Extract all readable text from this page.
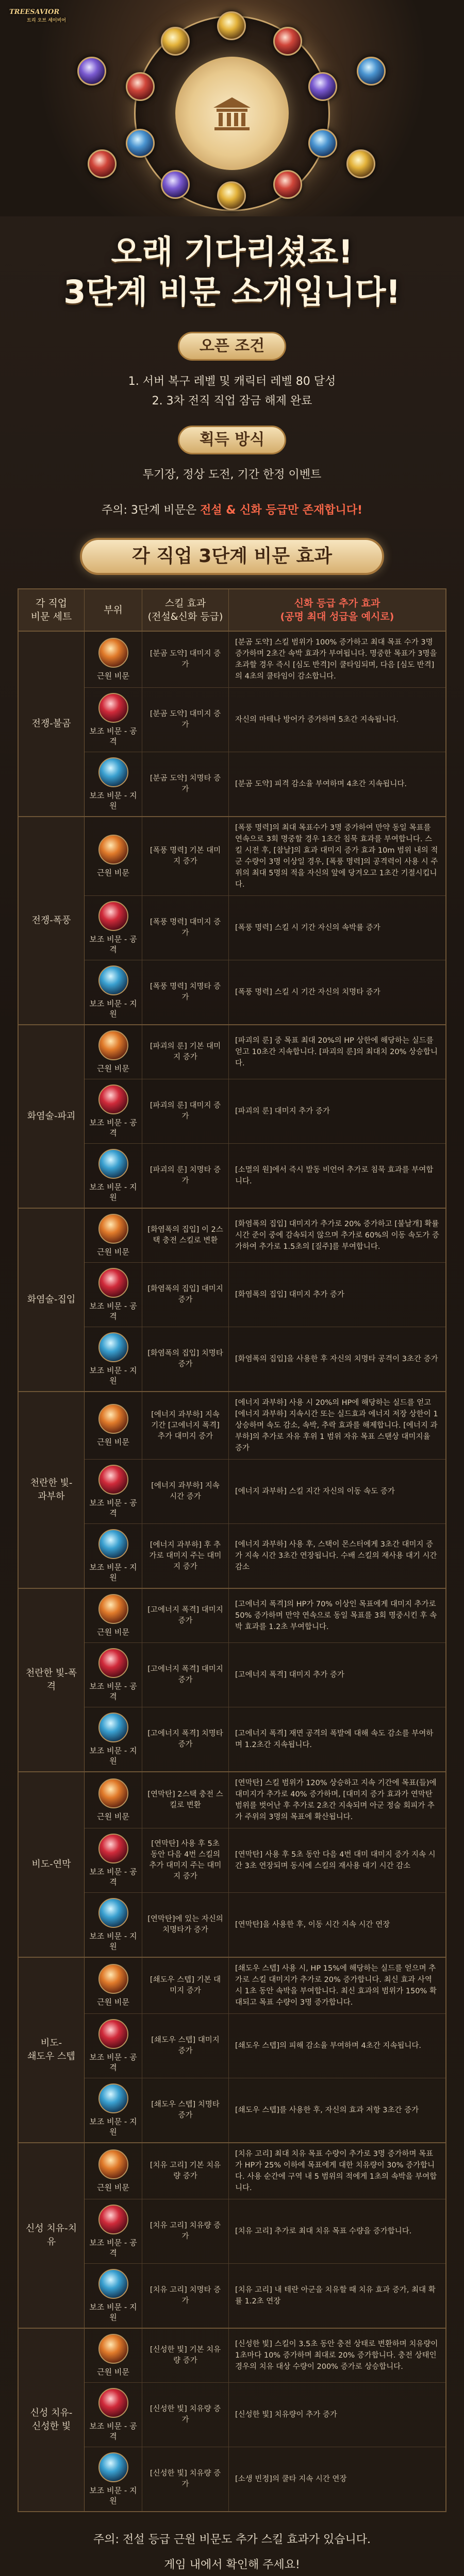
TREESAVIOR
트리 오브 세이비어
오래 기다리셨죠!
3단계 비문 소개입니다!
오픈 조건
1. 서버 복구 레벨 및 캐릭터 레벨 80 달성
2. 3차 전직 직업 잠금 해제 완료
획득 방식
투기장, 정상 도전, 기간 한정 이벤트
주의: 3단계 비문은 전설 & 신화 등급만 존재합니다!
각 직업 3단계 비문 효과
각 직업
비문 세트
부위
스킬 효과
(전설&신화 등급)
신화 등급 추가 효과
(공명 최대 성급을 예시로)
전쟁-불곰
근원 비문
[분곰 도약] 대미지 증가
[분곰 도약] 스킬 범위가 100% 증가하고 최대 목표 수가 3명 증가하며 2초간 속박 효과가 부여됩니다. 명중한 목표가 3명을 초과할 경우 즉시 [심도 반격]이 쿨타임되며, 다음 [심도 반격]의 4초의 쿨타임이 감소합니다.
보조 비문 - 공격
[분곰 도약] 대미지 증가
자신의 마테나 방어가 증가하며 5초간 지속됩니다.
보조 비문 - 지원
[분곰 도약] 치명타 증가
[분곰 도약] 피격 감소율 부여하며 4초간 지속됩니다.
전쟁-폭풍
근원 비문
[폭풍 명력] 기본 대미지 증가
[폭풍 명력]의 최대 목표수가 3명 증가하여 만약 동일 목표를 연속으로 3회 명중할 경우 1초간 침묵 효과를 부여합니다. 스킬 시전 후, [참날]의 효과 대미지 증가 효과 10m 범위 내의 적군 수량이 3명 이상일 경우, [폭풍 명력]의 공격력이 사용 시 주위의 최대 5명의 적을 자신의 앞에 당겨오고 1초간 기절시킵니다.
보조 비문 - 공격
[폭풍 명력] 대미지 증가
[폭풍 명력] 스킬 시 기간 자신의 속박률 증가
보조 비문 - 지원
[폭풍 명력] 치명타 증가
[폭풍 명력] 스킬 시 기간 자신의 치명타 증가
화염술-파괴
근원 비문
[파괴의 룬] 기본 대미지 증가
[파괴의 룬] 중 목표 최대 20%의 HP 상한에 해당하는 실드를 얻고 10초간 지속합니다. [파괴의 룬]의 최대치 20% 상승합니다.
보조 비문 - 공격
[파괴의 룬] 대미지 증가
[파괴의 룬] 대미지 추가 증가
보조 비문 - 지원
[파괴의 룬] 치명타 증가
[소멸의 원]에서 즉시 발동 비언어 추가로 침묵 효과를 부여합니다.
화염술-집입
근원 비문
[화염폭의 집입] 이 2스택 충전 스킬로 변환
[화염폭의 집입] 대미지가 추가로 20% 증가하고 [불날개] 확률 시간 준이 중에 감속되지 않으며 추가로 60%의 이동 속도가 증가하여 추가로 1.5초의 [질주]를 부여합니다.
보조 비문 - 공격
[화염폭의 집입] 대미지 증가
[화염폭의 집입] 대미지 추가 증가
보조 비문 - 지원
[화염폭의 집입] 치명타 증가
[화염폭의 집입]을 사용한 후 자신의 치명타 공격이 3초간 증가
천란한 빛-
과부하
근원 비문
[에너지 과부하] 지속 기간 [고에너지 폭격] 추가 대미지 증가
[에너지 과부하] 사용 시 20%의 HP에 해당하는 실드를 얻고 [에너지 과부하] 지속시간 또는 실드효과 에너지 저장 상한이 1 상승하며 속도 감소, 속박, 추락 효과를 해제합니다. [에너지 과부하]의 추가로 자유 후위 1 범위 자유 목표 스탠상 대미지율 증가
보조 비문 - 공격
[에너지 과부하] 지속 시간 증가
[에너지 과부하] 스킬 지간 자신의 이동 속도 증가
보조 비문 - 지원
[에너지 과부하] 후 추가로 대미지 주는 대미지 증가
[에너지 과부하] 사용 후, 스택이 몬스터에게 3초간 대미지 증가 지속 시간 3초간 연장됩니다. 수배 스킬의 재사용 대기 시간 감소
천란한 빛-폭격
근원 비문
[고에너지 폭격] 대미지 증가
[고에너지 폭격]의 HP가 70% 이상인 목표에게 대미지 추가로 50% 증가하며 만약 연속으로 동일 목표를 3회 명중시킨 후 속박 효과를 1.2초 부여합니다.
보조 비문 - 공격
[고에너지 폭격] 대미지 증가
[고에너지 폭격] 대미지 추가 증가
보조 비문 - 지원
[고에너지 폭격] 치명타 증가
[고에너지 폭격] 재면 공격의 폭발에 대해 속도 감소를 부여하며 1.2초간 지속됩니다.
비도-연막
근원 비문
[연막탄] 2스택 충전 스킬로 변환
[연막탄] 스킬 범위가 120% 상승하고 지속 기간에 목표(들)에 대미지가 추가로 40% 증가하며, [대미지 증가 효과가 연막탄 범위를 벗어난 후 추가로 2초간 지속되며 아군 정술 회피가 추가 주위의 3명의 목표에 확산됩니다.
보조 비문 - 공격
[연막탄] 사용 후 5초 동안 다음 4번 스킬의 추가 대미지 주는 대미지 증가
[연막탄] 사용 후 5초 동안 다음 4번 대미 대미지 증가 지속 시간 3초 연장되며 동시에 스킬의 재사용 대기 시간 감소
보조 비문 - 지원
[연막탄]에 있는 자신의 치명타가 증가
[연막탄]을 사용한 후, 이동 시간 지속 시간 연장
비도-
쇄도우 스텝
근원 비문
[쇄도우 스텝] 기본 대미지 증가
[쇄도우 스텝] 사용 시, HP 15%에 해당하는 실드를 얻으며 추가로 스킬 대미지가 추가로 20% 증가합니다. 최신 효과 사역 시 1초 동안 속박을 부여합니다. 최신 효과의 범위가 150% 확대되고 목표 수량이 3명 증가합니다.
보조 비문 - 공격
[쇄도우 스텝] 대미지 증가
[쇄도우 스텝]의 피해 감소율 부여하며 4초간 지속됩니다.
보조 비문 - 지원
[쇄도우 스텝] 치명타 증가
[쇄도우 스텝]를 사용한 후, 자신의 효과 저항 3초간 증가
신성 치유-치유
근원 비문
[치유 고리] 기본 치유량 증가
[치유 고리] 최대 치유 목표 수량이 추가로 3명 증가하며 목표가 HP가 25% 이하에 목표에게 대한 치유량이 30% 증가합니다. 사용 순간에 구역 내 5 범위의 적에게 1초의 속박을 부여합니다.
보조 비문 - 공격
[치유 고리] 치유량 증가
[치유 고리] 추가로 최대 치유 목표 수량을 증가합니다.
보조 비문 - 지원
[치유 고리] 치명타 증가
[치유 고리] 내 테란 아군을 치유할 때 치유 효과 증가, 최대 확률 1.2초 연장
신성 치유-
신성한 빛
근원 비문
[신성한 빛] 기본 치유량 증가
[신성한 빛] 스킬이 3.5초 동안 충전 상태로 변환하며 치유량이 1초마다 10% 증가하며 최대로 20% 증가합니다. 충전 상태인 경우의 치유 대상 수량이 200% 증가로 상승합니다.
보조 비문 - 공격
[신성한 빛] 치유량 증가
[신성한 빛] 치유량이 추가 증가
보조 비문 - 지원
[신성한 빛] 치유량 증가
[소생 빈정]의 쿨타 지속 시간 연장
주의: 전설 등급 근원 비문도 추가 스킬 효과가 있습니다.
게임 내에서 확인해 주세요!
